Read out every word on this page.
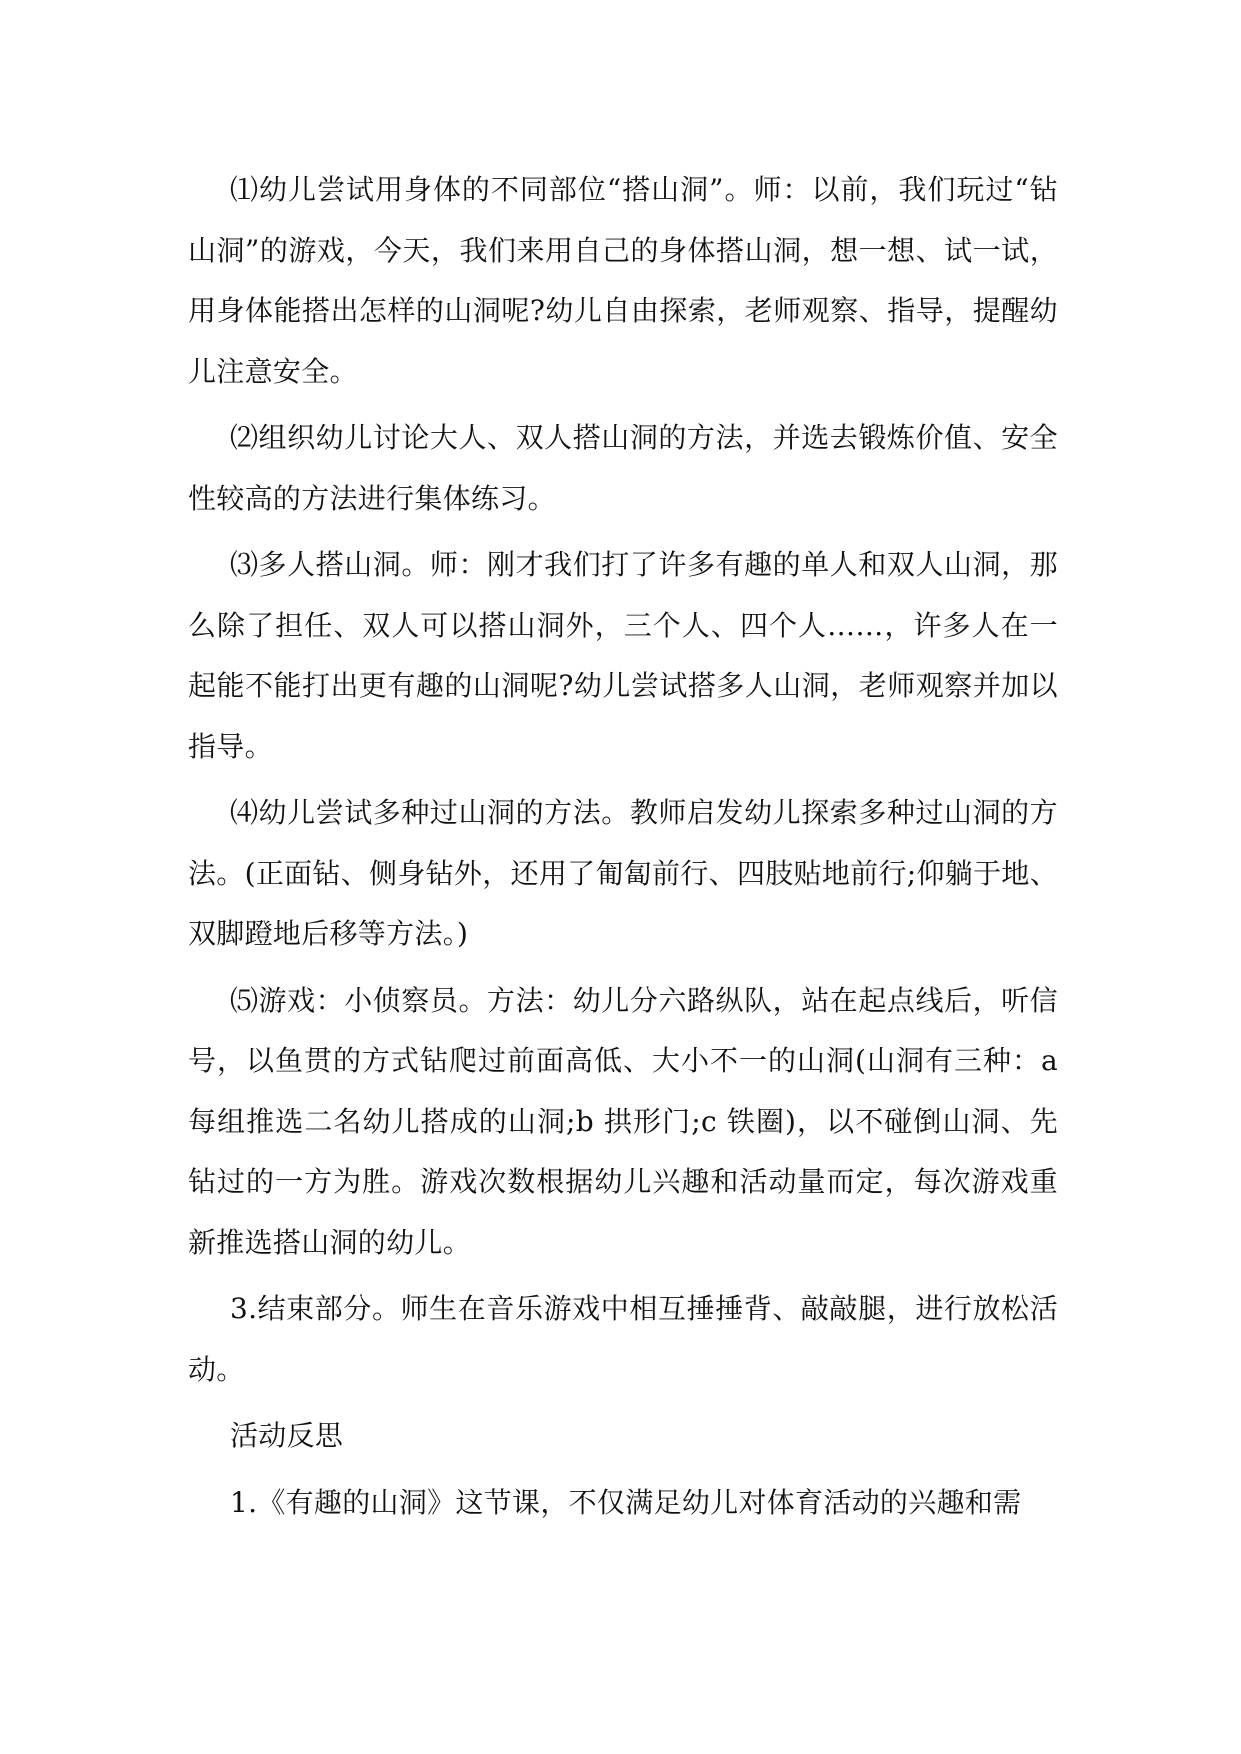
⑴幼儿尝试用身体的不同部位“搭山洞”。师：以前，我们玩过“钻山洞”的游戏，今天，我们来用自己的身体搭山洞，想一想、试一试，用身体能搭出怎样的山洞呢?幼儿自由探索，老师观察、指导，提醒幼儿注意安全。

⑵组织幼儿讨论大人、双人搭山洞的方法，并选去锻炼价值、安全性较高的方法进行集体练习。

⑶多人搭山洞。师：刚才我们打了许多有趣的单人和双人山洞，那么除了担任、双人可以搭山洞外，三个人、四个人……，许多人在一起能不能打出更有趣的山洞呢?幼儿尝试搭多人山洞，老师观察并加以指导。

⑷幼儿尝试多种过山洞的方法。教师启发幼儿探索多种过山洞的方法。(正面钻、侧身钻外，还用了匍匐前行、四肢贴地前行;仰躺于地、双脚蹬地后移等方法。)

⑸游戏：小侦察员。方法：幼儿分六路纵队，站在起点线后，听信号，以鱼贯的方式钻爬过前面高低、大小不一的山洞(山洞有三种：a 每组推选二名幼儿搭成的山洞;b 拱形门;c 铁圈)，以不碰倒山洞、先钻过的一方为胜。游戏次数根据幼儿兴趣和活动量而定，每次游戏重新推选搭山洞的幼儿。

3.结束部分。师生在音乐游戏中相互捶捶背、敲敲腿，进行放松活动。

活动反思

1.《有趣的山洞》这节课，不仅满足幼儿对体育活动的兴趣和需
